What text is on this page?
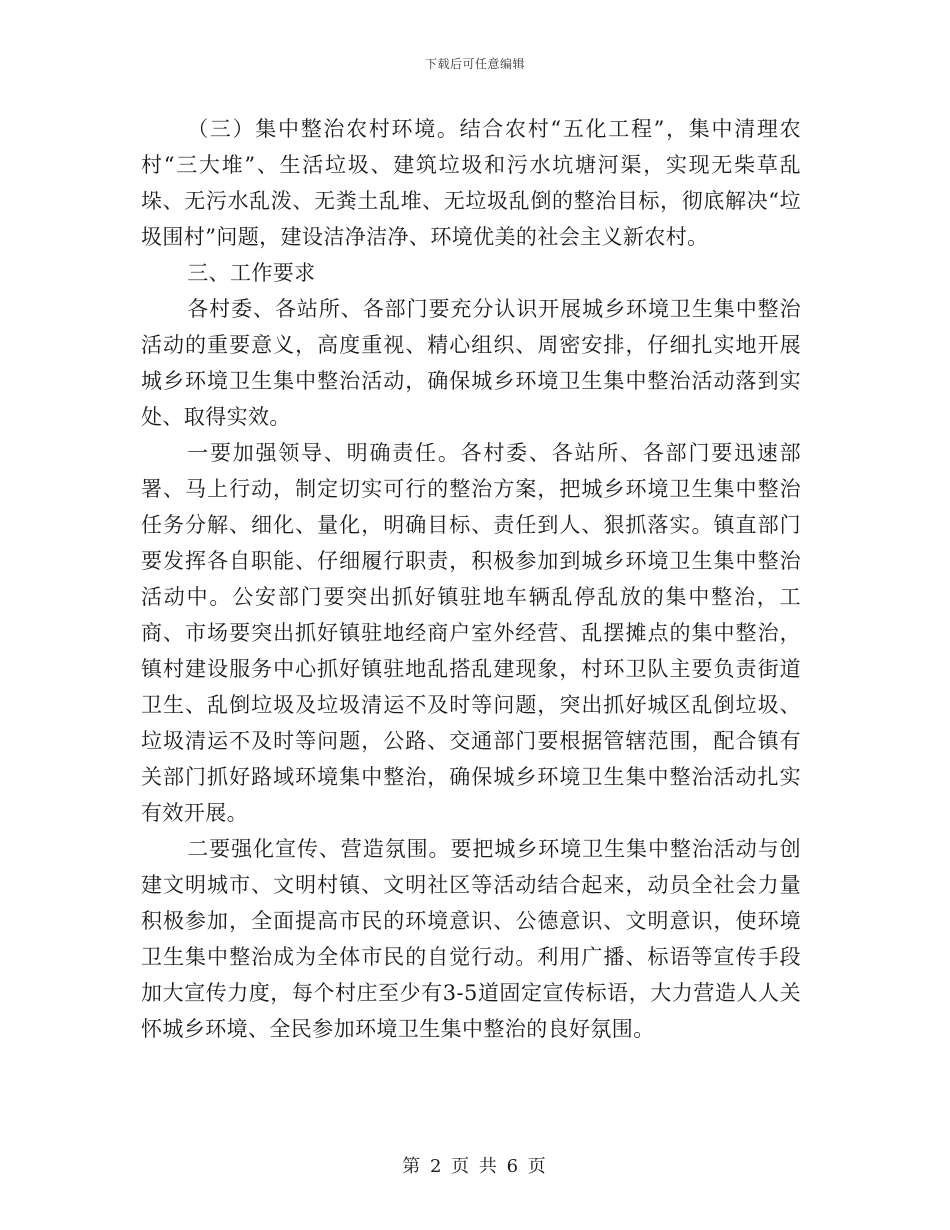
下载后可任意编辑

（三）集中整治农村环境。结合农村“五化工程”，集中清理农村“三大堆”、生活垃圾、建筑垃圾和污水坑塘河渠，实现无柴草乱垛、无污水乱泼、无粪土乱堆、无垃圾乱倒的整治目标，彻底解决“垃圾围村”问题，建设洁净洁净、环境优美的社会主义新农村。

三、工作要求

各村委、各站所、各部门要充分认识开展城乡环境卫生集中整治活动的重要意义，高度重视、精心组织、周密安排，仔细扎实地开展城乡环境卫生集中整治活动，确保城乡环境卫生集中整治活动落到实处、取得实效。

一要加强领导、明确责任。各村委、各站所、各部门要迅速部署、马上行动，制定切实可行的整治方案，把城乡环境卫生集中整治任务分解、细化、量化，明确目标、责任到人、狠抓落实。镇直部门要发挥各自职能、仔细履行职责，积极参加到城乡环境卫生集中整治活动中。公安部门要突出抓好镇驻地车辆乱停乱放的集中整治，工商、市场要突出抓好镇驻地经商户室外经营、乱摆摊点的集中整治，镇村建设服务中心抓好镇驻地乱搭乱建现象，村环卫队主要负责街道卫生、乱倒垃圾及垃圾清运不及时等问题，突出抓好城区乱倒垃圾、垃圾清运不及时等问题，公路、交通部门要根据管辖范围，配合镇有关部门抓好路域环境集中整治，确保城乡环境卫生集中整治活动扎实有效开展。

二要强化宣传、营造氛围。要把城乡环境卫生集中整治活动与创建文明城市、文明村镇、文明社区等活动结合起来，动员全社会力量积极参加，全面提高市民的环境意识、公德意识、文明意识，使环境卫生集中整治成为全体市民的自觉行动。利用广播、标语等宣传手段加大宣传力度，每个村庄至少有3-5道固定宣传标语，大力营造人人关怀城乡环境、全民参加环境卫生集中整治的良好氛围。

第 2 页 共 6 页
